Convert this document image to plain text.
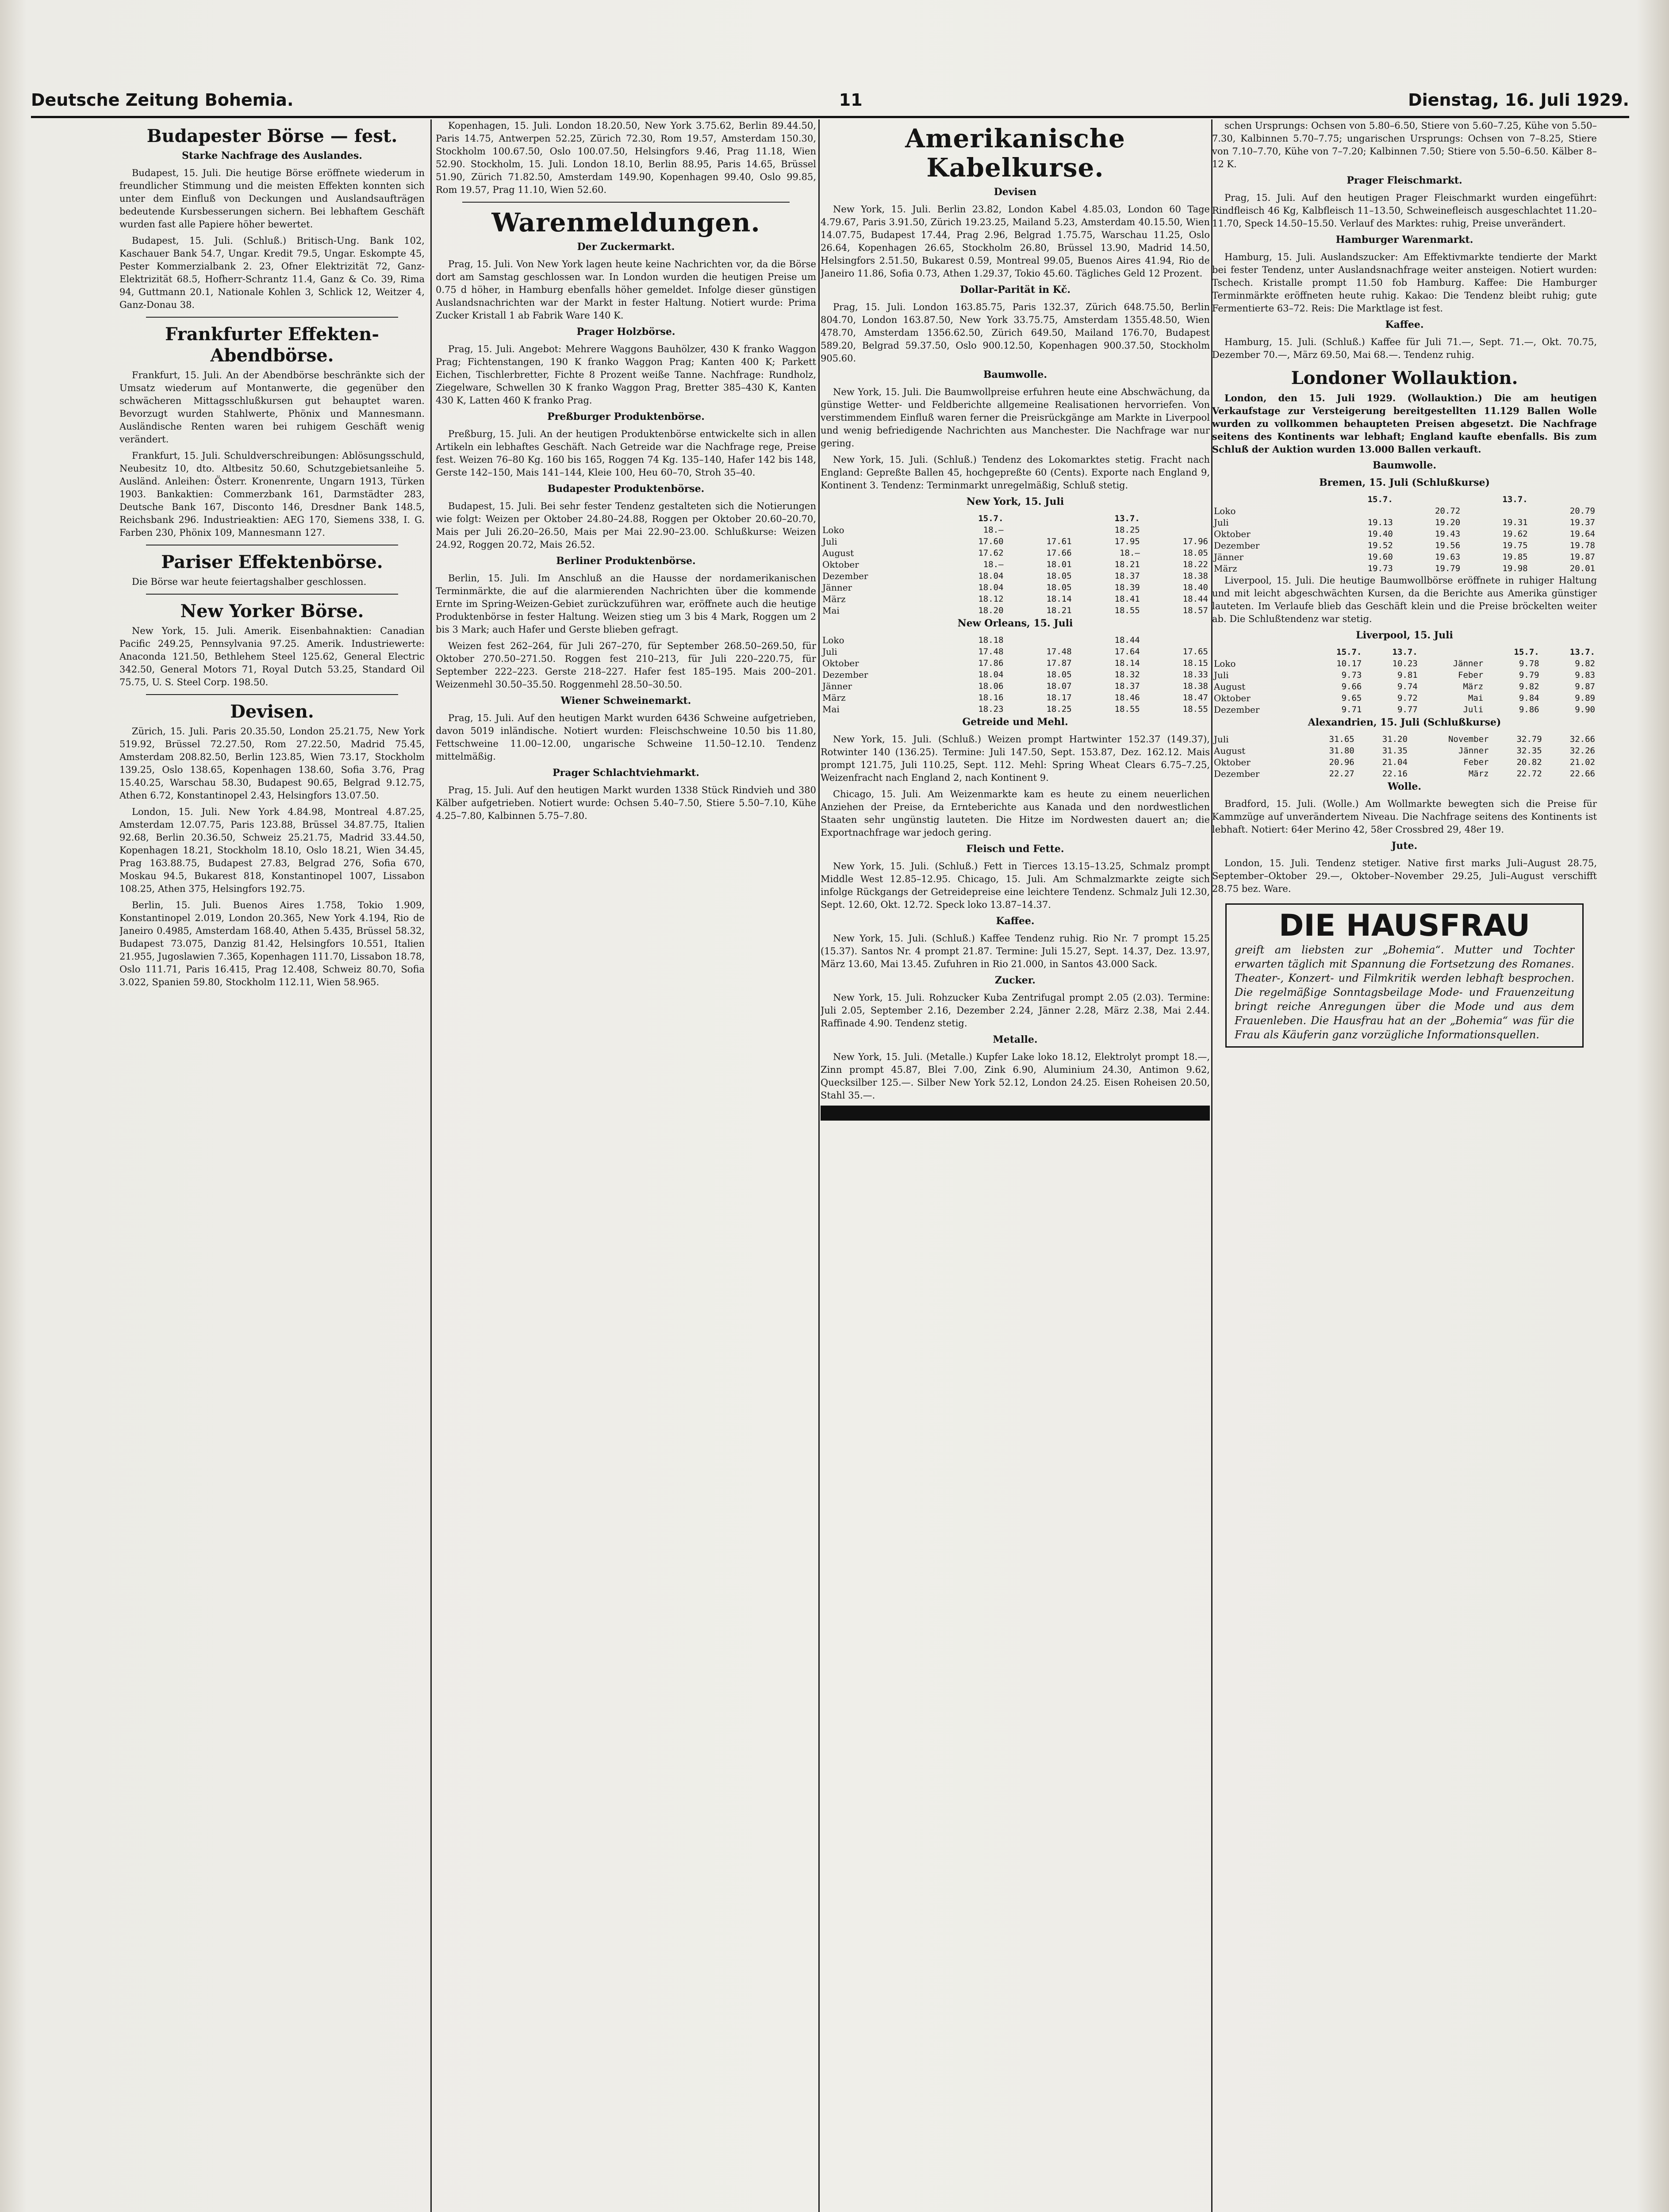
Deutsche Zeitung Bohemia.	11	Dienstag, 16. Juli 1929.
Budapester Börse — fest.
Starke Nachfrage des Auslandes.

Budapest, 15. Juli. Die heutige Börse eröffnete wiederum in freundlicher Stimmung und die meisten Effekten konnten sich unter dem Einfluß von Deckungen und Auslandsaufträgen bedeutende Kursbesserungen sichern. Bei lebhaftem Geschäft wurden fast alle Papiere höher bewertet.

Budapest, 15. Juli. (Schluß.) Britisch-Ung. Bank 102, Kaschauer Bank 54.7, Ungar. Kredit 79.5, Ungar. Eskompte 45, Pester Kommerzialbank 2. 23, Ofner Elektrizität 72, Ganz-Elektrizität 68.5, Hofherr-Schrantz 11.4, Ganz & Co. 39, Rima 94, Guttmann 20.1, Nationale Kohlen 3, Schlick 12, Weitzer 4, Ganz-Donau 38.

Frankfurter Effekten-Abendbörse.

Frankfurt, 15. Juli. An der Abendbörse beschränkte sich der Umsatz wiederum auf Montanwerte, die gegenüber den schwächeren Mittagsschlußkursen gut behauptet waren. Bevorzugt wurden Stahlwerte, Phönix und Mannesmann. Ausländische Renten waren bei ruhigem Geschäft wenig verändert.

Frankfurt, 15. Juli. Schuldverschreibungen: Ablösungsschuld, Neubesitz 10, dto. Altbesitz 50.60, Schutzgebietsanleihe 5. Ausländ. Anleihen: Österr. Kronenrente, Ungarn 1913, Türken 1903. Bankaktien: Commerzbank 161, Darmstädter 283, Deutsche Bank 167, Disconto 146, Dresdner Bank 148.5, Reichsbank 296. Industrieaktien: AEG 170, Siemens 338, I. G. Farben 230, Phönix 109, Mannesmann 127.

Pariser Effektenbörse.

Die Börse war heute feiertagshalber geschlossen.

New Yorker Börse.

New York, 15. Juli. Amerik. Eisenbahnaktien: Canadian Pacific 249.25, Pennsylvania 97.25. Amerik. Industriewerte: Anaconda 121.50, Bethlehem Steel 125.62, General Electric 342.50, General Motors 71, Royal Dutch 53.25, Standard Oil 75.75, U. S. Steel Corp. 198.50.

Devisen.

Zürich, 15. Juli. Paris 20.35.50, London 25.21.75, New York 519.92, Brüssel 72.27.50, Rom 27.22.50, Madrid 75.45, Amsterdam 208.82.50, Berlin 123.85, Wien 73.17, Stockholm 139.25, Oslo 138.65, Kopenhagen 138.60, Sofia 3.76, Prag 15.40.25, Warschau 58.30, Budapest 90.65, Belgrad 9.12.75, Athen 6.72, Konstantinopel 2.43, Helsingfors 13.07.50.

London, 15. Juli. New York 4.84.98, Montreal 4.87.25, Amsterdam 12.07.75, Paris 123.88, Brüssel 34.87.75, Italien 92.68, Berlin 20.36.50, Schweiz 25.21.75, Madrid 33.44.50, Kopenhagen 18.21, Stockholm 18.10, Oslo 18.21, Wien 34.45, Prag 163.88.75, Budapest 27.83, Belgrad 276, Sofia 670, Moskau 94.5, Bukarest 818, Konstantinopel 1007, Lissabon 108.25, Athen 375, Helsingfors 192.75.

Berlin, 15. Juli. Buenos Aires 1.758, Tokio 1.909, Konstantinopel 2.019, London 20.365, New York 4.194, Rio de Janeiro 0.4985, Amsterdam 168.40, Athen 5.435, Brüssel 58.32, Budapest 73.075, Danzig 81.42, Helsingfors 10.551, Italien 21.955, Jugoslawien 7.365, Kopenhagen 111.70, Lissabon 18.78, Oslo 111.71, Paris 16.415, Prag 12.408, Schweiz 80.70, Sofia 3.022, Spanien 59.80, Stockholm 112.11, Wien 58.965.

Kopenhagen, 15. Juli. London 18.20.50, New York 3.75.62, Berlin 89.44.50, Paris 14.75, Antwerpen 52.25, Zürich 72.30, Rom 19.57, Amsterdam 150.30, Stockholm 100.67.50, Oslo 100.07.50, Helsingfors 9.46, Prag 11.18, Wien 52.90. Stockholm, 15. Juli. London 18.10, Berlin 88.95, Paris 14.65, Brüssel 51.90, Zürich 71.82.50, Amsterdam 149.90, Kopenhagen 99.40, Oslo 99.85, Rom 19.57, Prag 11.10, Wien 52.60.

Warenmeldungen.
Der Zuckermarkt.

Prag, 15. Juli. Von New York lagen heute keine Nachrichten vor, da die Börse dort am Samstag geschlossen war. In London wurden die heutigen Preise um 0.75 d höher, in Hamburg ebenfalls höher gemeldet. Infolge dieser günstigen Auslandsnachrichten war der Markt in fester Haltung. Notiert wurde: Prima Zucker Kristall 1 ab Fabrik Ware 140 K.

Prager Holzbörse.

Prag, 15. Juli. Angebot: Mehrere Waggons Bauhölzer, 430 K franko Waggon Prag; Fichtenstangen, 190 K franko Waggon Prag; Kanten 400 K; Parkett Eichen, Tischlerbretter, Fichte 8 Prozent weiße Tanne. Nachfrage: Rundholz, Ziegelware, Schwellen 30 K franko Waggon Prag, Bretter 385–430 K, Kanten 430 K, Latten 460 K franko Prag.

Preßburger Produktenbörse.

Preßburg, 15. Juli. An der heutigen Produktenbörse entwickelte sich in allen Artikeln ein lebhaftes Geschäft. Nach Getreide war die Nachfrage rege, Preise fest. Weizen 76–80 Kg. 160 bis 165, Roggen 74 Kg. 135–140, Hafer 142 bis 148, Gerste 142–150, Mais 141–144, Kleie 100, Heu 60–70, Stroh 35–40.

Budapester Produktenbörse.

Budapest, 15. Juli. Bei sehr fester Tendenz gestalteten sich die Notierungen wie folgt: Weizen per Oktober 24.80–24.88, Roggen per Oktober 20.60–20.70, Mais per Juli 26.20–26.50, Mais per Mai 22.90–23.00. Schlußkurse: Weizen 24.92, Roggen 20.72, Mais 26.52.

Berliner Produktenbörse.

Berlin, 15. Juli. Im Anschluß an die Hausse der nordamerikanischen Terminmärkte, die auf die alarmierenden Nachrichten über die kommende Ernte im Spring-Weizen-Gebiet zurückzuführen war, eröffnete auch die heutige Produktenbörse in fester Haltung. Weizen stieg um 3 bis 4 Mark, Roggen um 2 bis 3 Mark; auch Hafer und Gerste blieben gefragt.

Weizen fest 262–264, für Juli 267–270, für September 268.50–269.50, für Oktober 270.50–271.50. Roggen fest 210–213, für Juli 220–220.75, für September 222–223. Gerste 218–227. Hafer fest 185–195. Mais 200–201. Weizenmehl 30.50–35.50. Roggenmehl 28.50–30.50.

Wiener Schweinemarkt.

Prag, 15. Juli. Auf den heutigen Markt wurden 6436 Schweine aufgetrieben, davon 5019 inländische. Notiert wurden: Fleischschweine 10.50 bis 11.80, Fettschweine 11.00–12.00, ungarische Schweine 11.50–12.10. Tendenz mittelmäßig.

Prager Schlachtviehmarkt.

Prag, 15. Juli. Auf den heutigen Markt wurden 1338 Stück Rindvieh und 380 Kälber aufgetrieben. Notiert wurde: Ochsen 5.40–7.50, Stiere 5.50–7.10, Kühe 4.25–7.80, Kalbinnen 5.75–7.80.

Amerikanische Kabelkurse.
Devisen

New York, 15. Juli. Berlin 23.82, London Kabel 4.85.03, London 60 Tage 4.79.67, Paris 3.91.50, Zürich 19.23.25, Mailand 5.23, Amsterdam 40.15.50, Wien 14.07.75, Budapest 17.44, Prag 2.96, Belgrad 1.75.75, Warschau 11.25, Oslo 26.64, Kopenhagen 26.65, Stockholm 26.80, Brüssel 13.90, Madrid 14.50, Helsingfors 2.51.50, Bukarest 0.59, Montreal 99.05, Buenos Aires 41.94, Rio de Janeiro 11.86, Sofia 0.73, Athen 1.29.37, Tokio 45.60. Tägliches Geld 12 Prozent.

Dollar-Parität in Kč.

Prag, 15. Juli. London 163.85.75, Paris 132.37, Zürich 648.75.50, Berlin 804.70, London 163.87.50, New York 33.75.75, Amsterdam 1355.48.50, Wien 478.70, Amsterdam 1356.62.50, Zürich 649.50, Mailand 176.70, Budapest 589.20, Belgrad 59.37.50, Oslo 900.12.50, Kopenhagen 900.37.50, Stockholm 905.60.

Baumwolle.

New York, 15. Juli. Die Baumwollpreise erfuhren heute eine Abschwächung, da günstige Wetter- und Feldberichte allgemeine Realisationen hervorriefen. Von verstimmendem Einfluß waren ferner die Preisrückgänge am Markte in Liverpool und wenig befriedigende Nachrichten aus Manchester. Die Nachfrage war nur gering.

New York, 15. Juli. (Schluß.) Tendenz des Lokomarktes stetig. Fracht nach England: Gepreßte Ballen 45, hochgepreßte 60 (Cents). Exporte nach England 9, Kontinent 3. Tendenz: Terminmarkt unregelmäßig, Schluß stetig.

New York, 15. Juli
	15.7.		13.7.	
Loko	18.—		18.25	
Juli	17.60	17.61	17.95	17.96
August	17.62	17.66	18.—	18.05
Oktober	18.—	18.01	18.21	18.22
Dezember	18.04	18.05	18.37	18.38
Jänner	18.04	18.05	18.39	18.40
März	18.12	18.14	18.41	18.44
Mai	18.20	18.21	18.55	18.57
New Orleans, 15. Juli
Loko	18.18		18.44	
Juli	17.48	17.48	17.64	17.65
Oktober	17.86	17.87	18.14	18.15
Dezember	18.04	18.05	18.32	18.33
Jänner	18.06	18.07	18.37	18.38
März	18.16	18.17	18.46	18.47
Mai	18.23	18.25	18.55	18.55
Getreide und Mehl.

New York, 15. Juli. (Schluß.) Weizen prompt Hartwinter 152.37 (149.37), Rotwinter 140 (136.25). Termine: Juli 147.50, Sept. 153.87, Dez. 162.12. Mais prompt 121.75, Juli 110.25, Sept. 112. Mehl: Spring Wheat Clears 6.75–7.25, Weizenfracht nach England 2, nach Kontinent 9.

Chicago, 15. Juli. Am Weizenmarkte kam es heute zu einem neuerlichen Anziehen der Preise, da Ernteberichte aus Kanada und den nordwestlichen Staaten sehr ungünstig lauteten. Die Hitze im Nordwesten dauert an; die Exportnachfrage war jedoch gering.

Fleisch und Fette.

New York, 15. Juli. (Schluß.) Fett in Tierces 13.15–13.25, Schmalz prompt Middle West 12.85–12.95. Chicago, 15. Juli. Am Schmalzmarkte zeigte sich infolge Rückgangs der Getreidepreise eine leichtere Tendenz. Schmalz Juli 12.30, Sept. 12.60, Okt. 12.72. Speck loko 13.87–14.37.

Kaffee.

New York, 15. Juli. (Schluß.) Kaffee Tendenz ruhig. Rio Nr. 7 prompt 15.25 (15.37). Santos Nr. 4 prompt 21.87. Termine: Juli 15.27, Sept. 14.37, Dez. 13.97, März 13.60, Mai 13.45. Zufuhren in Rio 21.000, in Santos 43.000 Sack.

Zucker.

New York, 15. Juli. Rohzucker Kuba Zentrifugal prompt 2.05 (2.03). Termine: Juli 2.05, September 2.16, Dezember 2.24, Jänner 2.28, März 2.38, Mai 2.44. Raffinade 4.90. Tendenz stetig.

Metalle.

New York, 15. Juli. (Metalle.) Kupfer Lake loko 18.12, Elektrolyt prompt 18.—, Zinn prompt 45.87, Blei 7.00, Zink 6.90, Aluminium 24.30, Antimon 9.62, Quecksilber 125.—. Silber New York 52.12, London 24.25. Eisen Roheisen 20.50, Stahl 35.—.

schen Ursprungs: Ochsen von 5.80–6.50, Stiere von 5.60–7.25, Kühe von 5.50–7.30, Kalbinnen 5.70–7.75; ungarischen Ursprungs: Ochsen von 7–8.25, Stiere von 7.10–7.70, Kühe von 7–7.20; Kalbinnen 7.50; Stiere von 5.50–6.50. Kälber 8–12 K.

Prager Fleischmarkt.

Prag, 15. Juli. Auf den heutigen Prager Fleischmarkt wurden eingeführt: Rindfleisch 46 Kg, Kalbfleisch 11–13.50, Schweinefleisch ausgeschlachtet 11.20–11.70, Speck 14.50–15.50. Verlauf des Marktes: ruhig, Preise unverändert.

Hamburger Warenmarkt.

Hamburg, 15. Juli. Auslandszucker: Am Effektivmarkte tendierte der Markt bei fester Tendenz, unter Auslandsnachfrage weiter ansteigen. Notiert wurden: Tschech. Kristalle prompt 11.50 fob Hamburg. Kaffee: Die Hamburger Terminmärkte eröffneten heute ruhig. Kakao: Die Tendenz bleibt ruhig; gute Fermentierte 63–72. Reis: Die Marktlage ist fest.

Kaffee.

Hamburg, 15. Juli. (Schluß.) Kaffee für Juli 71.—, Sept. 71.—, Okt. 70.75, Dezember 70.—, März 69.50, Mai 68.—. Tendenz ruhig.

Londoner Wollauktion.

London, den 15. Juli 1929. (Wollauktion.) Die am heutigen Verkaufstage zur Versteigerung bereitgestellten 11.129 Ballen Wolle wurden zu vollkommen behaupteten Preisen abgesetzt. Die Nachfrage seitens des Kontinents war lebhaft; England kaufte ebenfalls. Bis zum Schluß der Auktion wurden 13.000 Ballen verkauft.

Baumwolle.
Bremen, 15. Juli (Schlußkurse)
	15.7.		13.7.	
Loko		20.72		20.79
Juli	19.13	19.20	19.31	19.37
Oktober	19.40	19.43	19.62	19.64
Dezember	19.52	19.56	19.75	19.78
Jänner	19.60	19.63	19.85	19.87
März	19.73	19.79	19.98	20.01

Liverpool, 15. Juli. Die heutige Baumwollbörse eröffnete in ruhiger Haltung und mit leicht abgeschwächten Kursen, da die Berichte aus Amerika günstiger lauteten. Im Verlaufe blieb das Geschäft klein und die Preise bröckelten weiter ab. Die Schlußtendenz war stetig.

Liverpool, 15. Juli
	15.7.	13.7.		15.7.	13.7.
Loko	10.17	10.23	Jänner	9.78	9.82
Juli	9.73	9.81	Feber	9.79	9.83
August	9.66	9.74	März	9.82	9.87
Oktober	9.65	9.72	Mai	9.84	9.89
Dezember	9.71	9.77	Juli	9.86	9.90
Alexandrien, 15. Juli (Schlußkurse)
Juli	31.65	31.20	November	32.79	32.66
August	31.80	31.35	Jänner	32.35	32.26
Oktober	20.96	21.04	Feber	20.82	21.02
Dezember	22.27	22.16	März	22.72	22.66
Wolle.

Bradford, 15. Juli. (Wolle.) Am Wollmarkte bewegten sich die Preise für Kammzüge auf unverändertem Niveau. Die Nachfrage seitens des Kontinents ist lebhaft. Notiert: 64er Merino 42, 58er Crossbred 29, 48er 19.

Jute.

London, 15. Juli. Tendenz stetiger. Native first marks Juli–August 28.75, September–Oktober 29.—, Oktober–November 29.25, Juli–August verschifft 28.75 bez. Ware.

DIE HAUSFRAU
greift am liebsten zur „Bohemia“. Mutter und Tochter erwarten täglich mit Spannung die Fortsetzung des Romanes. Theater-, Konzert- und Filmkritik werden lebhaft besprochen. Die regelmäßige Sonntagsbeilage Mode- und Frauenzeitung bringt reiche Anregungen über die Mode und aus dem Frauenleben. Die Hausfrau hat an der „Bohemia“ was für die Frau als Käuferin ganz vorzügliche Informationsquellen.
